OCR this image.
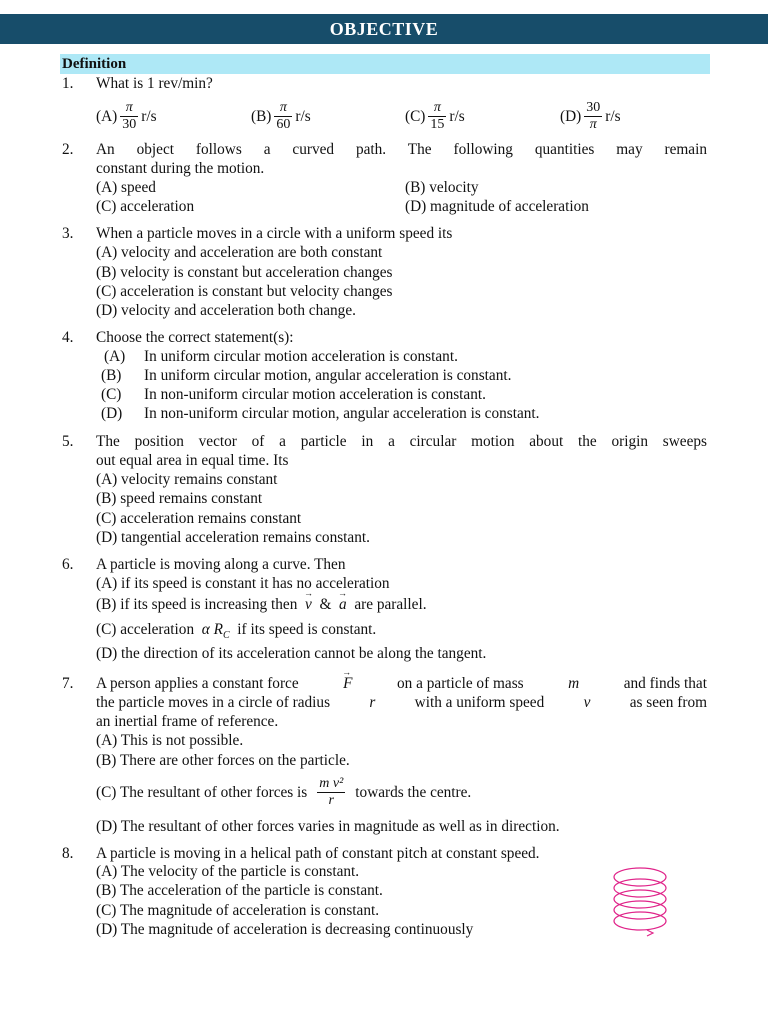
OBJECTIVE
Definition
1. What is 1 rev/min?
$(A) \frac{\pi}{30} r/s$	$(B) \frac{\pi}{60} r/s$	$(C) \frac{\pi}{15} r/s$	$(D) \frac{30}{\pi} r/s$
2. An object follows a curved path. The following quantities may remain
constant during the motion.
(A) speed	(B) velocity
(C) acceleration	(D) magnitude of acceleration
3. When a particle moves in a circle with a uniform speed its
(A) velocity and acceleration are both constant
(B) velocity is constant but acceleration changes
(C) acceleration is constant but velocity changes
(D) velocity and acceleration both change.
4. Choose the correct statement(s):
(A) In uniform circular motion acceleration is constant.
(B) In uniform circular motion, angular acceleration is constant.
(C) In non-uniform circular motion acceleration is constant.
(D) In non-uniform circular motion, angular acceleration is constant.
5. The position vector of a particle in a circular motion about the origin sweeps
out equal area in equal time. Its
(A) velocity remains constant
(B) speed remains constant
(C) acceleration remains constant
(D) tangential acceleration remains constant.
6. A particle is moving along a curve. Then
(A) if its speed is constant it has no acceleration
(B) if its speed is increasing then → v & → a are parallel.
(C) acceleration α $R_C$ if its speed is constant.
(D) the direction of its acceleration cannot be along the tangent.
7. A person applies a constant force	→ F	on a particle of mass	m	and finds that
the particle moves in a circle of radius	r	with a uniform speed	v	as seen from
an inertial frame of reference.
(A) This is not possible.
(B) There are other forces on the particle.
(C) The resultant of other forces is $\frac{\text{m v²}}{r}$ towards the centre.
(D) The resultant of other forces varies in magnitude as well as in direction.
8. A particle is moving in a helical path of constant pitch at constant speed.
(A) The velocity of the particle is constant.
(B) The acceleration of the particle is constant.
(C) The magnitude of acceleration is constant.
(D) The magnitude of acceleration is decreasing continuously
